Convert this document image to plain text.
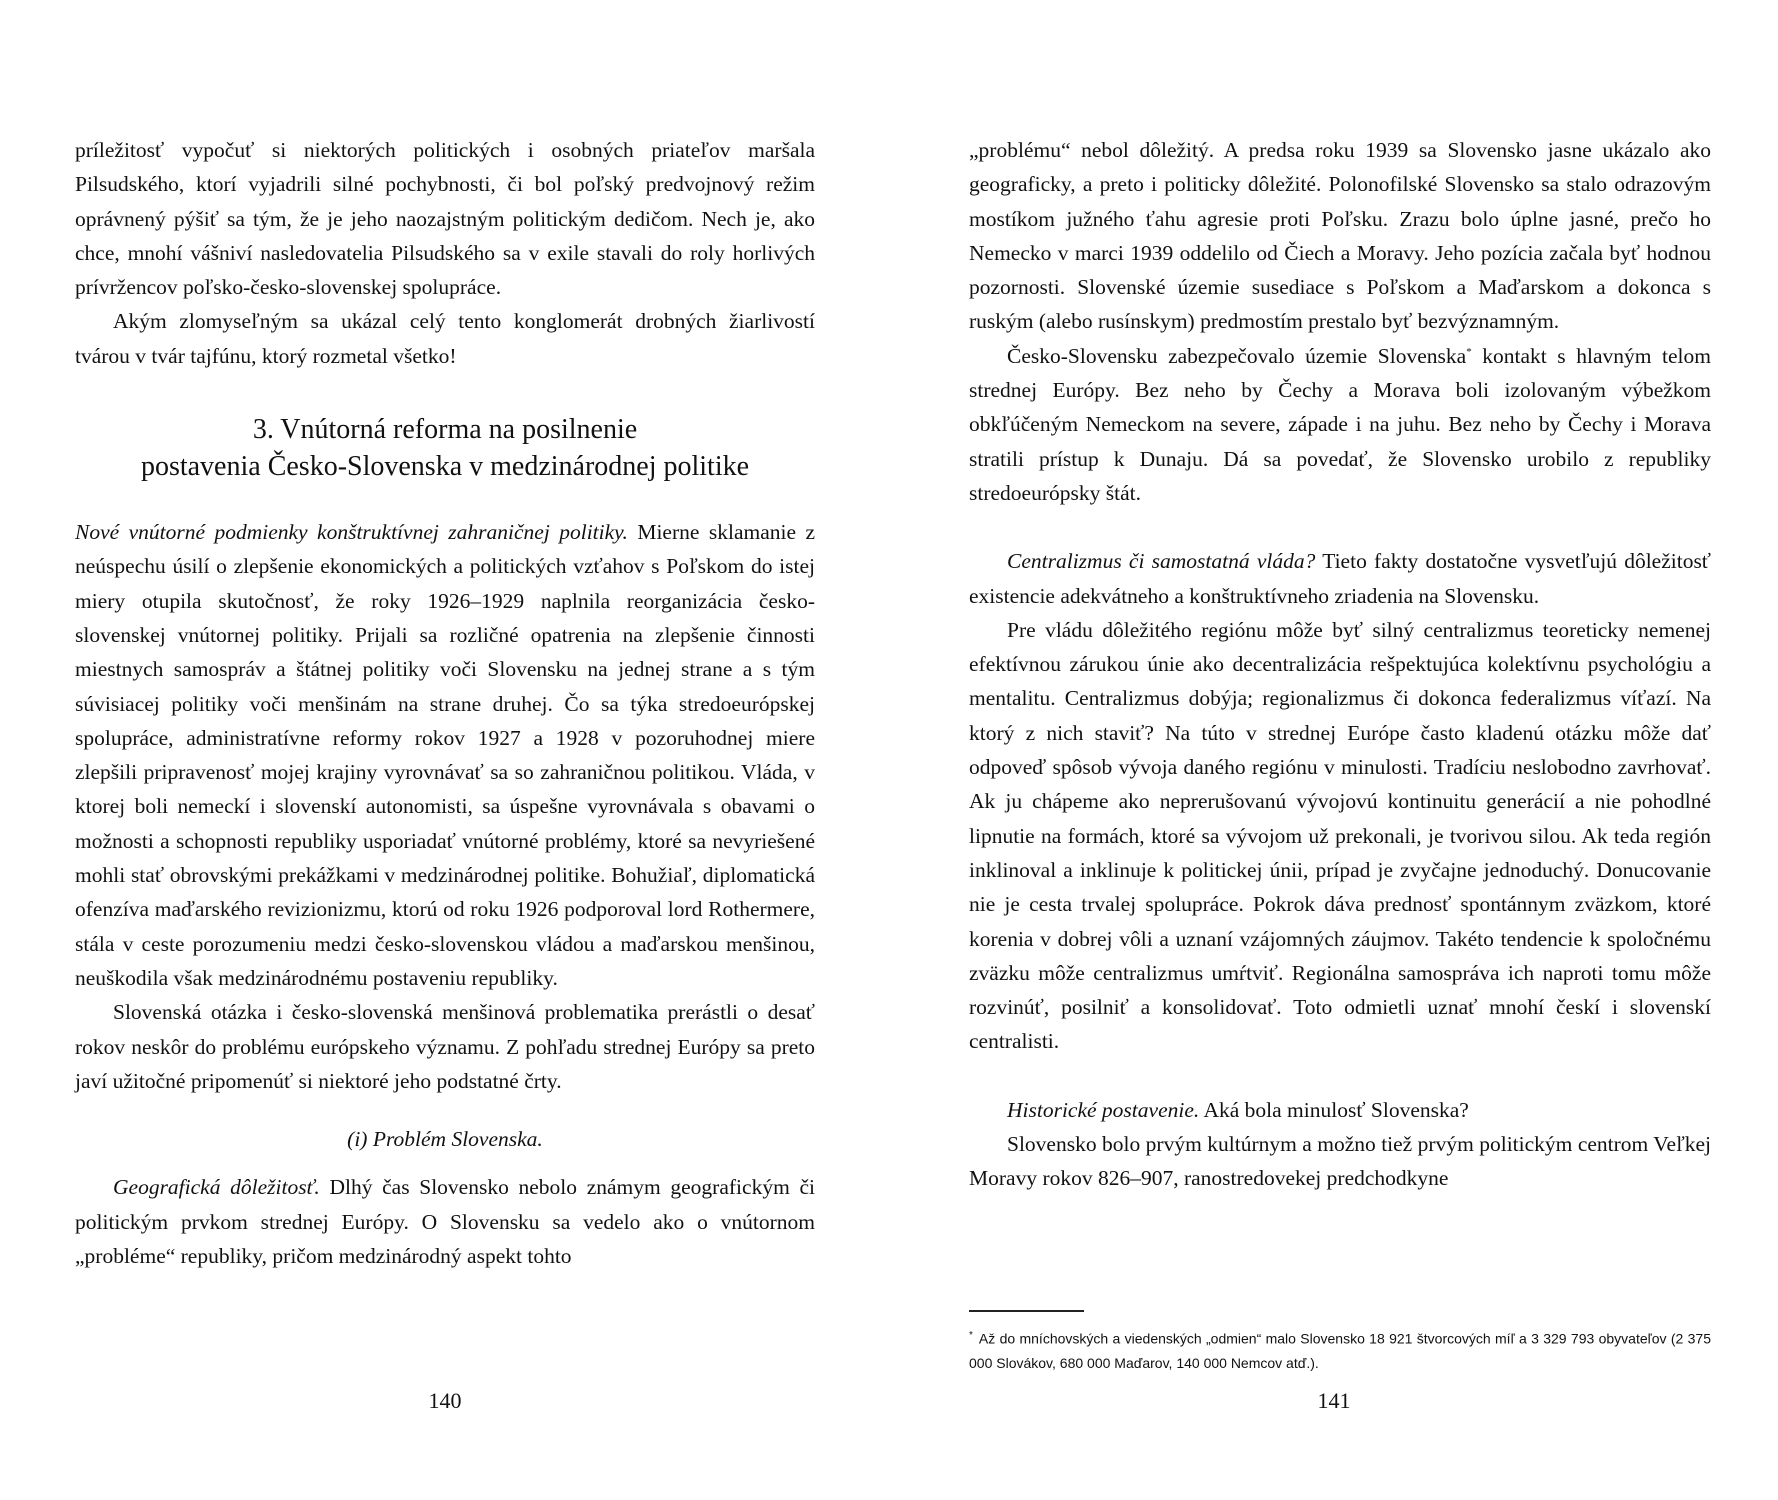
príležitosť vypočuť si niektorých politických i osobných priateľov maršala Pilsudského, ktorí vyjadrili silné pochybnosti, či bol poľský predvojnový režim oprávnený pýšiť sa tým, že je jeho naozajstným politickým dedičom. Nech je, ako chce, mnohí vášniví nasledovatelia Pilsudského sa v exile stavali do roly horlivých prívržencov poľsko-česko-slovenskej spolupráce.

Akým zlomyseľným sa ukázal celý tento konglomerát drobných žiarlivostí tvárou v tvár tajfúnu, ktorý rozmetal všetko!

3. Vnútorná reforma na posilnenie
postavenia Česko-Slovenska v medzinárodnej politike

Nové vnútorné podmienky konštruktívnej zahraničnej politiky. Mierne sklamanie z neúspechu úsilí o zlepšenie ekonomických a politických vzťahov s Poľskom do istej miery otupila skutočnosť, že roky 1926–1929 naplnila reorganizácia česko-slovenskej vnútornej politiky. Prijali sa rozličné opatrenia na zlepšenie činnosti miestnych samospráv a štátnej politiky voči Slovensku na jednej strane a s tým súvisiacej politiky voči menšinám na strane druhej. Čo sa týka stredoeurópskej spolupráce, administratívne reformy rokov 1927 a 1928 v pozoruhodnej miere zlepšili pripravenosť mojej krajiny vyrovnávať sa so zahraničnou politikou. Vláda, v ktorej boli nemeckí i slovenskí autonomisti, sa úspešne vyrovnávala s obavami o možnosti a schopnosti republiky usporiadať vnútorné problémy, ktoré sa nevyriešené mohli stať obrovskými prekážkami v medzinárodnej politike. Bohužiaľ, diplomatická ofenzíva maďarského revizionizmu, ktorú od roku 1926 podporoval lord Rothermere, stála v ceste porozumeniu medzi česko-slovenskou vládou a maďarskou menšinou, neuškodila však medzinárodnému postaveniu republiky.

Slovenská otázka i česko-slovenská menšinová problematika prerástli o desať rokov neskôr do problému európskeho významu. Z pohľadu strednej Európy sa preto javí užitočné pripomenúť si niektoré jeho podstatné črty.

(i) Problém Slovenska.

Geografická dôležitosť. Dlhý čas Slovensko nebolo známym geografickým či politickým prvkom strednej Európy. O Slovensku sa vedelo ako o vnútornom „probléme“ republiky, pričom medzinárodný aspekt tohto

140

„problému“ nebol dôležitý. A predsa roku 1939 sa Slovensko jasne ukázalo ako geograficky, a preto i politicky dôležité. Polonofilské Slovensko sa stalo odrazovým mostíkom južného ťahu agresie proti Poľsku. Zrazu bolo úplne jasné, prečo ho Nemecko v marci 1939 oddelilo od Čiech a Moravy. Jeho pozícia začala byť hodnou pozornosti. Slovenské územie susediace s Poľskom a Maďarskom a dokonca s ruským (alebo rusínskym) predmostím prestalo byť bezvýznamným.

Česko-Slovensku zabezpečovalo územie Slovenska* kontakt s hlavným telom strednej Európy. Bez neho by Čechy a Morava boli izolovaným výbežkom obkľúčeným Nemeckom na severe, západe i na juhu. Bez neho by Čechy i Morava stratili prístup k Dunaju. Dá sa povedať, že Slovensko urobilo z republiky stredoeurópsky štát.

Centralizmus či samostatná vláda? Tieto fakty dostatočne vysvetľujú dôležitosť existencie adekvátneho a konštruktívneho zriadenia na Slovensku.

Pre vládu dôležitého regiónu môže byť silný centralizmus teoreticky nemenej efektívnou zárukou únie ako decentralizácia rešpektujúca kolektívnu psychológiu a mentalitu. Centralizmus dobýja; regionalizmus či dokonca federalizmus víťazí. Na ktorý z nich staviť? Na túto v strednej Európe často kladenú otázku môže dať odpoveď spôsob vývoja daného regiónu v minulosti. Tradíciu neslobodno zavrhovať. Ak ju chápeme ako neprerušovanú vývojovú kontinuitu generácií a nie pohodlné lipnutie na formách, ktoré sa vývojom už prekonali, je tvorivou silou. Ak teda región inklinoval a inklinuje k politickej únii, prípad je zvyčajne jednoduchý. Donucovanie nie je cesta trvalej spolupráce. Pokrok dáva prednosť spontánnym zväzkom, ktoré korenia v dobrej vôli a uznaní vzájomných záujmov. Takéto tendencie k spoločnému zväzku môže centralizmus umŕtviť. Regionálna samospráva ich naproti tomu môže rozvinúť, posilniť a konsolidovať. Toto odmietli uznať mnohí českí i slovenskí centralisti.

Historické postavenie. Aká bola minulosť Slovenska?

Slovensko bolo prvým kultúrnym a možno tiež prvým politickým centrom Veľkej Moravy rokov 826–907, ranostredovekej predchodkyne

* Až do mníchovských a viedenských „odmien“ malo Slovensko 18 921 štvorcových míľ a 3 329 793 obyvateľov (2 375 000 Slovákov, 680 000 Maďarov, 140 000 Nemcov atď.).
141
